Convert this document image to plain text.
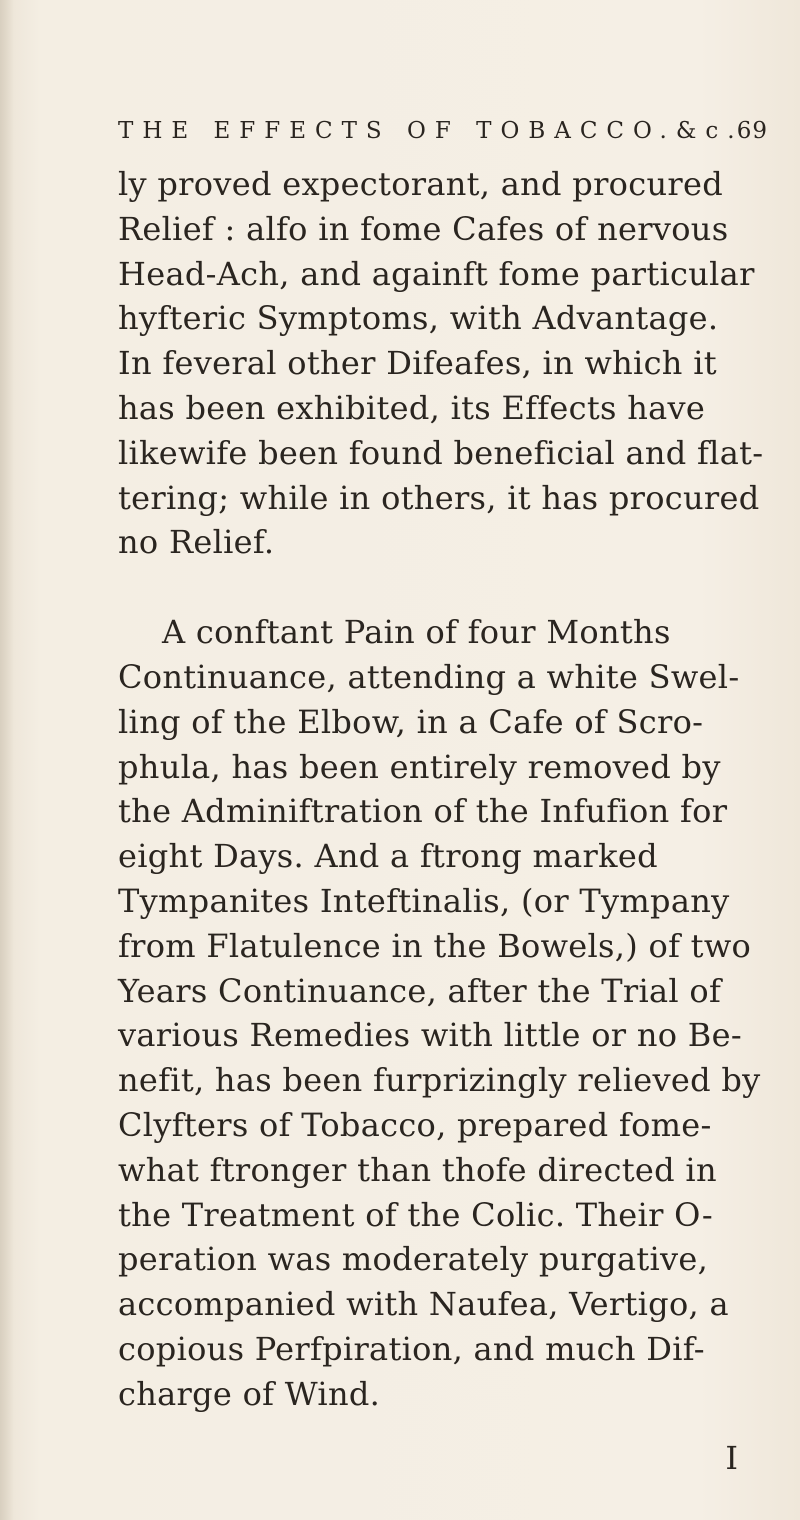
THE EFFECTS OF TOBACCO.&c.
69
ly proved expectorant, and procured
Relief : alfo in fome Cafes of nervous
Head-Ach, and againft fome particular
hyfteric Symptoms, with Advantage.
In feveral other Difeafes, in which it
has been exhibited, its Effects have
likewife been found beneficial and flat-
tering; while in others, it has procured
no Relief.
A conftant Pain of four Months
Continuance, attending a white Swel-
ling of the Elbow, in a Cafe of Scro-
phula, has been entirely removed by
the Adminiftration of the Infufion for
eight Days. And a ftrong marked
Tympanites Inteftinalis, (or Tympany
from Flatulence in the Bowels,) of two
Years Continuance, after the Trial of
various Remedies with little or no Be-
nefit, has been furprizingly relieved by
Clyfters of Tobacco, prepared fome-
what ftronger than thofe directed in
the Treatment of the Colic. Their O-
peration was moderately purgative,
accompanied with Naufea, Vertigo, a
copious Perfpiration, and much Dif-
charge of Wind.
I
